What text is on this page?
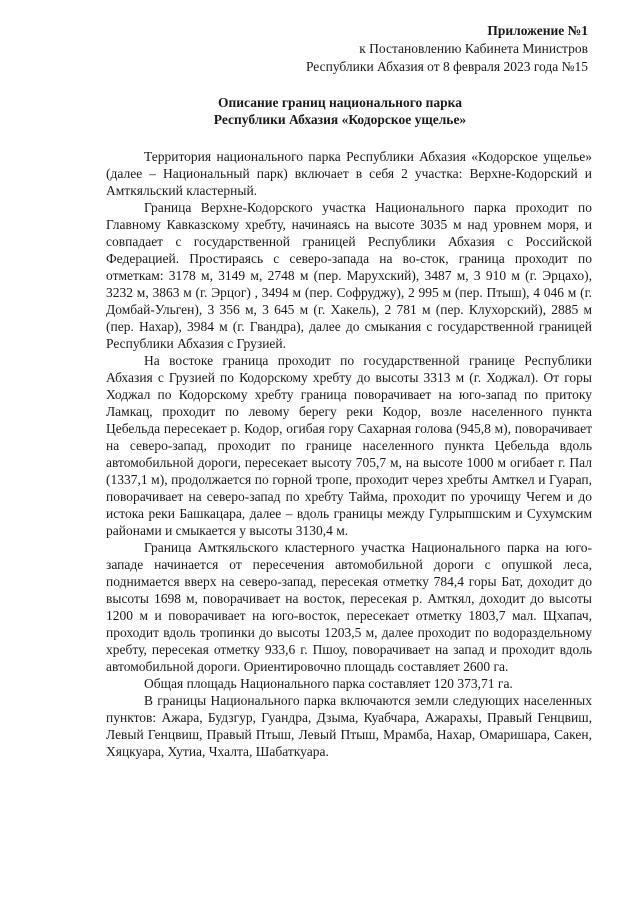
Приложение №1
к Постановлению Кабинета Министров
Республики Абхазия от 8 февраля 2023 года №15
Описание границ национального парка
Республики Абхазия «Кодорское ущелье»

Территория национального парка Республики Абхазия «Кодорское ущелье» (далее – Национальный парк) включает в себя 2 участка: Верхне-Кодорский и Амткяльский кластерный.

Граница Верхне-Кодорского участка Национального парка проходит по Главному Кавказскому хребту, начинаясь на высоте 3035 м над уровнем моря, и совпадает с государственной границей Республики Абхазия с Российской Федерацией. Простираясь с северо-запада на во-сток, граница проходит по отметкам: 3178 м, 3149 м, 2748 м (пер. Марухский), 3487 м, 3 910 м (г. Эрцахо), 3232 м, 3863 м (г. Эрцог) , 3494 м (пер. Софруджу), 2 995 м (пер. Птыш), 4 046 м (г. Домбай-Ульген), 3 356 м, 3 645 м (г. Хакель), 2 781 м (пер. Клухорский), 2885 м (пер. Нахар), 3984 м (г. Гвандра), далее до смыкания с государственной границей Республики Абхазия с Грузией.

На востоке граница проходит по государственной границе Республики Абхазия с Грузией по Кодорскому хребту до высоты 3313 м (г. Ходжал). От горы Ходжал по Кодорскому хребту граница поворачивает на юго-запад по притоку Ламкац, проходит по левому берегу реки Кодор, возле населенного пункта Цебельда пересекает р. Кодор, огибая гору Сахарная голова (945,8 м), поворачивает на северо-запад, проходит по границе населенного пункта Цебельда вдоль автомобильной дороги, пересекает высоту 705,7 м, на высоте 1000 м огибает г. Пал (1337,1 м), продолжается по горной тропе, проходит через хребты Амткел и Гуарап, поворачивает на северо-запад по хребту Тайма, проходит по урочищу Чегем и до истока реки Башкацара, далее – вдоль границы между Гулрыпшским и Сухумским районами и смыкается у высоты 3130,4 м.

Граница Амткяльского кластерного участка Национального парка на юго-западе начинается от пересечения автомобильной дороги с опушкой леса, поднимается вверх на северо-запад, пересекая отметку 784,4 горы Бат, доходит до высоты 1698 м, поворачивает на восток, пересекая р. Амткял, доходит до высоты 1200 м и поворачивает на юго-восток, пересекает отметку 1803,7 мал. Щхапач, проходит вдоль тропинки до высоты 1203,5 м, далее проходит по водораздельному хребту, пересекая отметку 933,6 г. Пшоу, поворачивает на запад и проходит вдоль автомобильной дороги. Ориентировочно площадь составляет 2600 га.

Общая площадь Национального парка составляет 120 373,71 га.

В границы Национального парка включаются земли следующих населенных пунктов: Ажара, Будзгур, Гуандра, Дзыма, Куабчара, Ажарахы, Правый Генцвиш, Левый Генцвиш, Правый Птыш, Левый Птыш, Мрамба, Нахар, Омаришара, Сакен, Хяцкуара, Хутиа, Чхалта, Шабаткуара.
